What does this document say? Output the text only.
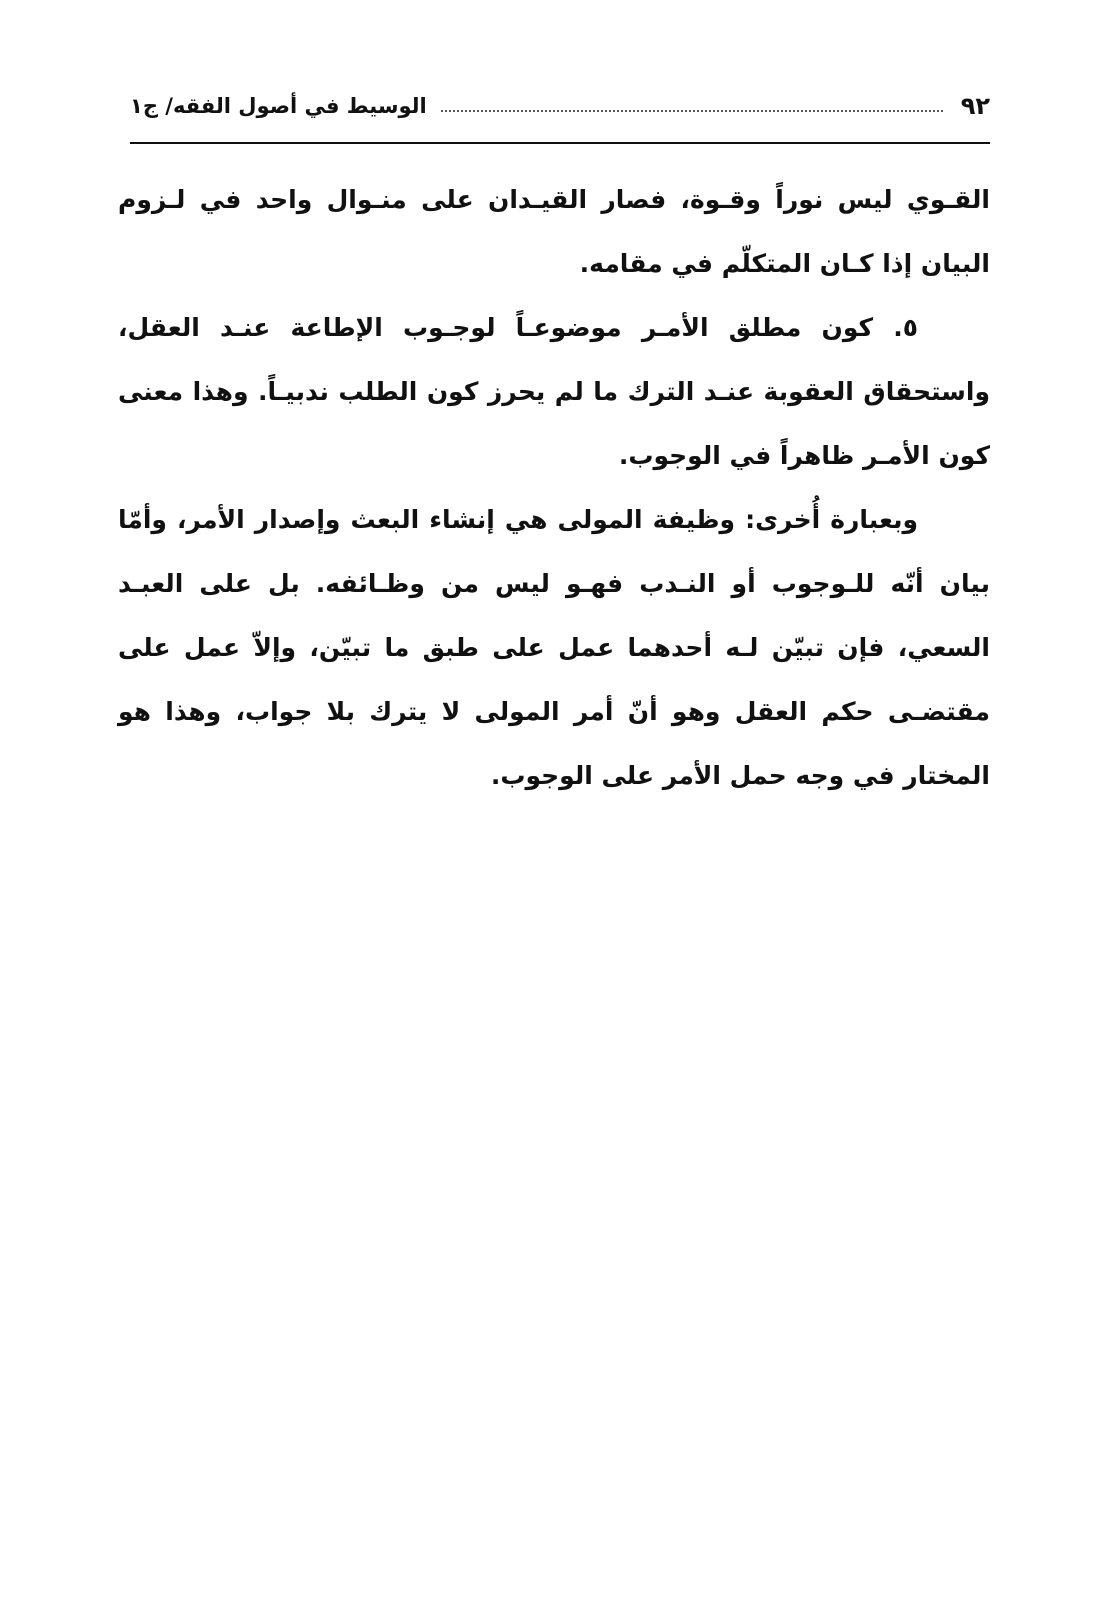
٩٢
الوسيط في أصول الفقه/ ج١

القـوي ليس نوراً وقـوة، فصار القيـدان على منـوال واحد في لـزوم البيان إذا كـان المتكلّم في مقامه.

٥. كون مطلق الأمـر موضوعـاً لوجـوب الإطاعة عنـد العقل، واستحقاق العقوبة عنـد الترك ما لم يحرز كون الطلب ندبيـاً. وهذا معنى كون الأمـر ظاهراً في الوجوب.

وبعبارة أُخرى: وظيفة المولى هي إنشاء البعث وإصدار الأمر، وأمّا بيان أنّه للـوجوب أو النـدب فهـو ليس من وظـائفه. بل على العبـد السعي، فإن تبيّن لـه أحدهما عمل على طبق ما تبيّن، وإلاّ عمل على مقتضـى حكم العقل وهو أنّ أمر المولى لا يترك بلا جواب، وهذا هو المختار في وجه حمل الأمر على الوجوب.
